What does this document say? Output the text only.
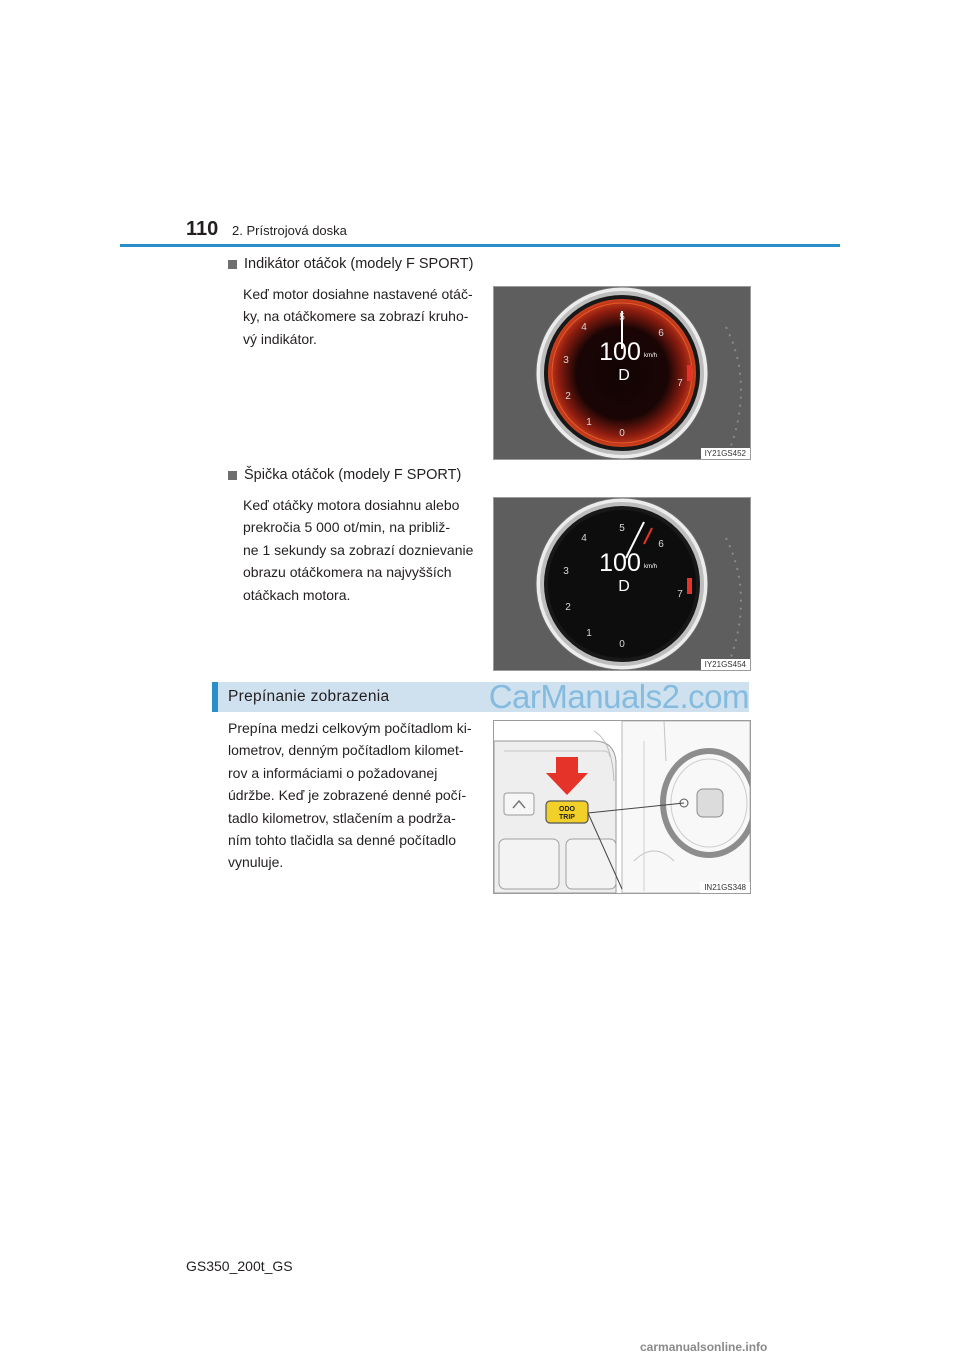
110 2. Prístrojová doska
Indikátor otáčok (modely F SPORT)
Keď motor dosiahne nastavené otáč-
ky, na otáčkomere sa zobrazí kruho-
vý indikátor.
5
4
6
3
7
2
1
0
100 km/h
D
IY21GS452
Špička otáčok (modely F SPORT)
Keď otáčky motora dosiahnu alebo
prekročia 5 000 ot/min, na približ-
ne 1 sekundy sa zobrazí doznievanie
obrazu otáčkomera na najvyšších
otáčkach motora.
5
4
6
3
7
2
1
0
100 km/h
D
IY21GS454
Prepínanie zobrazenia	CarManuals2.com
Prepína medzi celkovým počítadlom ki-
lometrov, denným počítadlom kilomet-
rov a informáciami o požadovanej
údržbe. Keď je zobrazené denné počí-
tadlo kilometrov, stlačením a podrža-
ním tohto tlačidla sa denné počítadlo
vynuluje.
ODO
TRIP
IN21GS348
GS350_200t_GS
carmanualsonline.info
